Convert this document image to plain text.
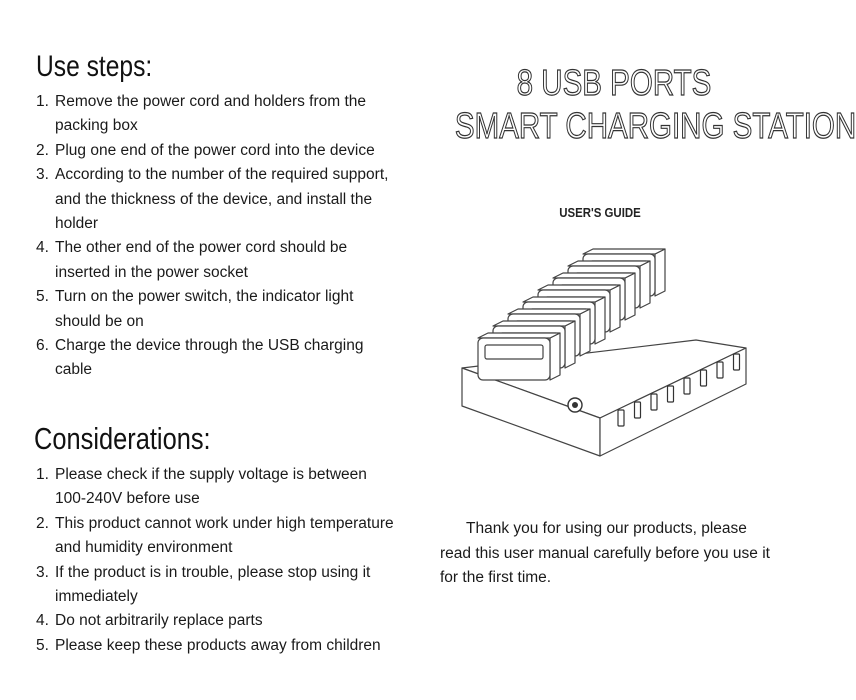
Use steps:
1. Remove the power cord and holders from the packing box
2. Plug one end of the power cord into the device
3. According to the number of the required support, and the thickness of the device, and install the holder
4. The other end of the power cord should be inserted in the power socket
5. Turn on the power switch, the indicator light should be on
6. Charge the device through the USB charging cable
Considerations:
1. Please check if the supply voltage is between 100-240V before use
2. This product cannot work under high temperature and humidity environment
3. If the product is in trouble, please stop using it immediately
4. Do not arbitrarily replace parts
5. Please keep these products away from children
8 USB PORTS
SMART CHARGING STATION

USER'S GUIDE

Thank you for using our products, please read this user manual carefully before you use it for the first time.
